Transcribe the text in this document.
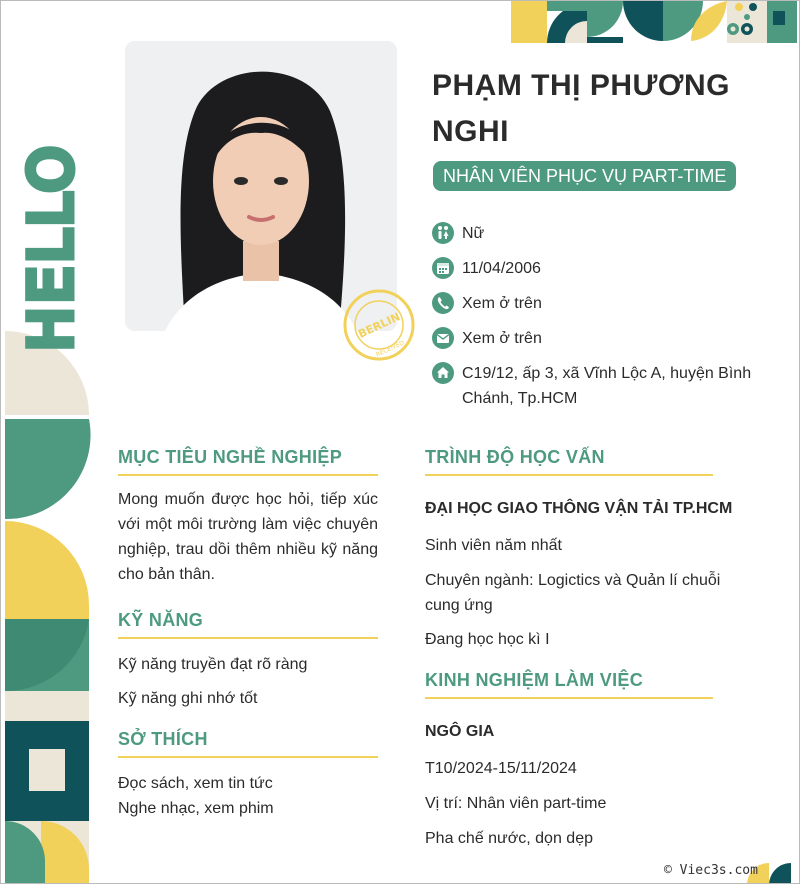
HELLO	BERLIN
RECEIVED
PHẠM THỊ PHƯƠNG NGHI
NHÂN VIÊN PHỤC VỤ PART-TIME
Nữ
11/04/2006
Xem ở trên
Xem ở trên
C19/12, ấp 3, xã Vĩnh Lộc A, huyện Bình Chánh, Tp.HCM
MỤC TIÊU NGHỀ NGHIỆP
Mong muốn được học hỏi, tiếp xúc với một môi trường làm việc chuyên nghiệp, trau dồi thêm nhiều kỹ năng cho bản thân.
KỸ NĂNG
Kỹ năng truyền đạt rõ ràng
Kỹ năng ghi nhớ tốt
SỞ THÍCH
Đọc sách, xem tin tức
Nghe nhạc, xem phim
TRÌNH ĐỘ HỌC VẤN
ĐẠI HỌC GIAO THÔNG VẬN TẢI TP.HCM
Sinh viên năm nhất
Chuyên ngành: Logictics và Quản lí chuỗi cung ứng
Đang học học kì I
KINH NGHIỆM LÀM VIỆC
NGÔ GIA
T10/2024-15/11/2024
Vị trí: Nhân viên part-time
Pha chế nước, dọn dẹp
© Viec3s.com
